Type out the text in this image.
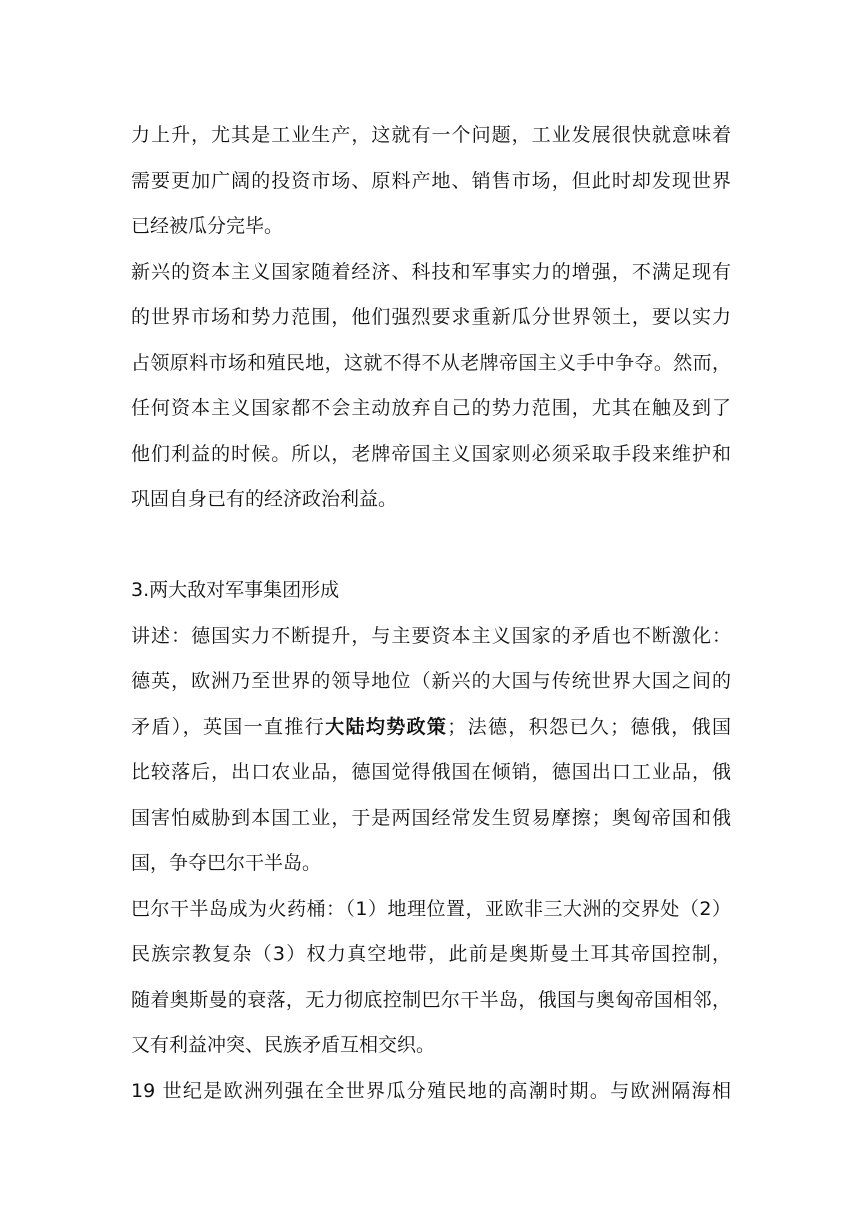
力上升，尤其是工业生产，这就有一个问题，工业发展很快就意味着
需要更加广阔的投资市场、原料产地、销售市场，但此时却发现世界
已经被瓜分完毕。
新兴的资本主义国家随着经济、科技和军事实力的增强，不满足现有
的世界市场和势力范围，他们强烈要求重新瓜分世界领土，要以实力
占领原料市场和殖民地，这就不得不从老牌帝国主义手中争夺。然而，
任何资本主义国家都不会主动放弃自己的势力范围，尤其在触及到了
他们利益的时候。所以，老牌帝国主义国家则必须采取手段来维护和
巩固自身已有的经济政治利益。
3.两大敌对军事集团形成
讲述：德国实力不断提升，与主要资本主义国家的矛盾也不断激化：
德英，欧洲乃至世界的领导地位（新兴的大国与传统世界大国之间的
矛盾），英国一直推行大陆均势政策；法德，积怨已久；德俄，俄国
比较落后，出口农业品，德国觉得俄国在倾销，德国出口工业品，俄
国害怕威胁到本国工业，于是两国经常发生贸易摩擦；奥匈帝国和俄
国，争夺巴尔干半岛。
巴尔干半岛成为火药桶：（1）地理位置，亚欧非三大洲的交界处（2）
民族宗教复杂（3）权力真空地带，此前是奥斯曼土耳其帝国控制，
随着奥斯曼的衰落，无力彻底控制巴尔干半岛，俄国与奥匈帝国相邻，
又有利益冲突、民族矛盾互相交织。
19 世纪是欧洲列强在全世界瓜分殖民地的高潮时期。与欧洲隔海相
